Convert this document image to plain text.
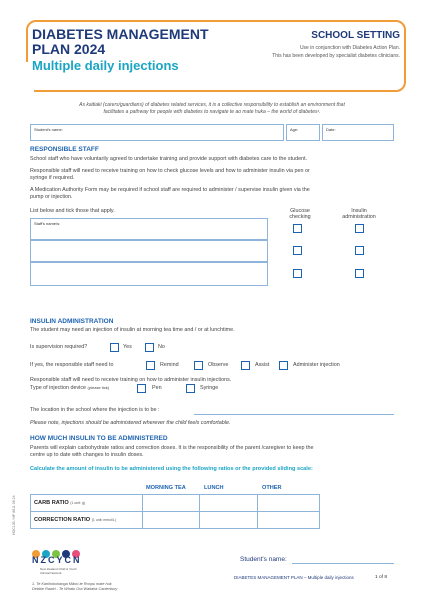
DIABETES MANAGEMENT
PLAN 2024
Multiple daily injections
SCHOOL SETTING
Use in conjunction with Diabetes Action Plan.
This has been developed by specialist diabetes clinicians.
As kaitiaki (carers/guardians) of diabetes related services, it is a collective responsibility to establish an environment that
facilitates a pathway for people with diabetes to navigate te ao mate huka – the world of diabetes¹.
Student's name:	Age:	Date:
RESPONSIBLE STAFF
School staff who have voluntarily agreed to undertake training and provide support with diabetes care to the student.
Responsible staff will need to receive training on how to check glucose levels and how to administer insulin via pen or
syringe if required.
A Medication Authority Form may be required if school staff are required to administer / supervise insulin given via the
pump or injection.
List below and tick those that apply.	Glucose
checking
Insulin
administration
Staff's name/s:
INSULIN ADMINISTRATION
The student may need an injection of insulin at morning tea time and / or at lunchtime.
Is supervision required?	Yes	No
If yes, the responsible staff need to	Remind	Observe	Assist	Administer injection
Responsible staff will need to receive training on how to administer insulin injections.
Type of injection device (please tick)	Pen	Syringe
The location in the school where the injection is to be :
Please note, injections should be administered wherever the child feels comfortable.
HOW MUCH INSULIN TO BE ADMINISTERED
Parents will explain carbohydrate ratios and correction doses. It is the responsibility of the parent /caregiver to keep the
centre up to date with changes to insulin doses.
Calculate the amount of insulin to be administered using the following ratios or the provided sliding scale:
MORNING TEA	LUNCH	OTHER
CARB RATIO (1 unit: g)			
CORRECTION RATIO (1 unit: mmol/L)			
HGC135 / HP 8811 08 24
NZCYCN
New Zealand Child & Youth
Clinical Network
Student's name:
DIABETES MANAGEMENT PLAN – Multiple daily injections	1 of 8
1. Te Kanihokohanga Māori-te Roopu mate huk
Debbie Rawiri - Te Whatu Ora Waitaha Canterbury
